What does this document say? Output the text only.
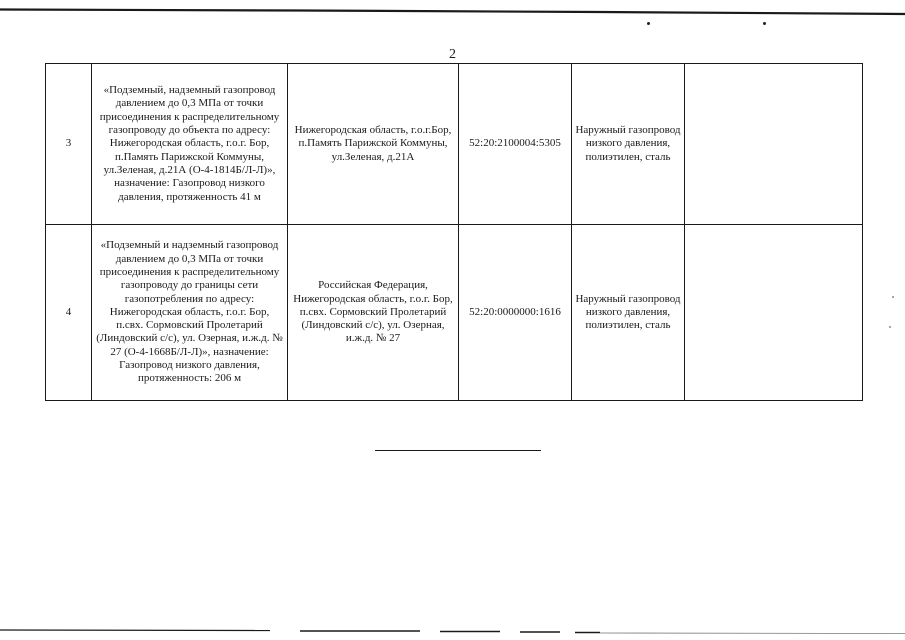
2
3	«Подземный, надземный газопровод давлением до 0,3 МПа от точки присоединения к распределительному газопроводу до объекта по адресу: Нижегородская область, г.о.г. Бор, п.Память Парижской Коммуны, ул.Зеленая, д.21А (О-4-1814Б/Л-Л)», назначение: Газопровод низкого давления, протяженность 41 м	Нижегородская область, г.о.г.Бор, п.Память Парижской Коммуны, ул.Зеленая, д.21А	52:20:2100004:5305	Наружный газопровод низкого давления, полиэтилен, сталь	
4	«Подземный и надземный газопровод давлением до 0,3 МПа от точки присоединения к распределительному газопроводу до границы сети газопотребления по адресу: Нижегородская область, г.о.г. Бор, п.свх. Сормовский Пролетарий (Линдовский с/с), ул. Озерная, и.ж.д. № 27 (О-4-1668Б/Л-Л)», назначение: Газопровод низкого давления, протяженность: 206 м	Российская Федерация, Нижегородская область, г.о.г. Бор, п.свх. Сормовский Пролетарий (Линдовский с/с), ул. Озерная, и.ж.д. № 27	52:20:0000000:1616	Наружный газопровод низкого давления, полиэтилен, сталь	
